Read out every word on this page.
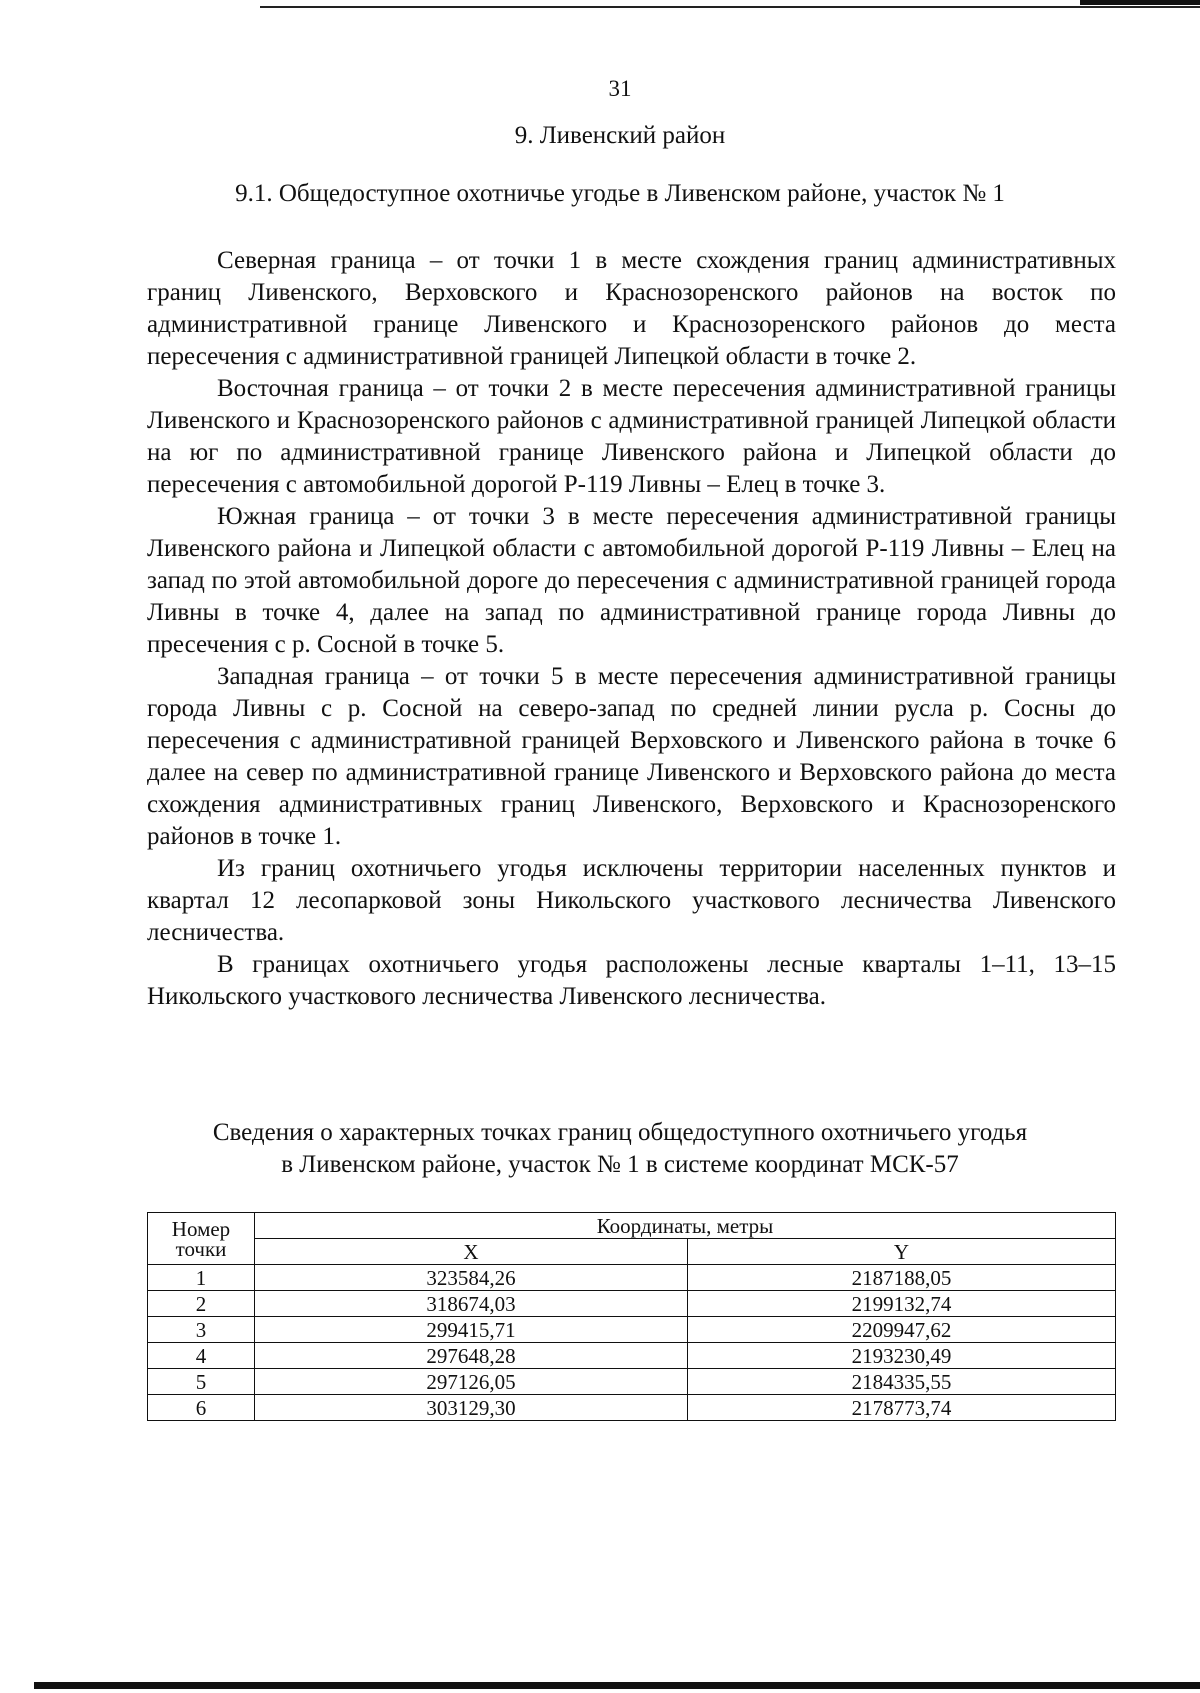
31
9. Ливенский район
9.1. Общедоступное охотничье угодье в Ливенском районе, участок № 1

Северная граница – от точки 1 в месте схождения границ административных границ Ливенского, Верховского и Краснозоренского районов на восток по административной границе Ливенского и Краснозоренского районов до места пересечения с административной границей Липецкой области в точке 2.

Восточная граница – от точки 2 в месте пересечения административной границы Ливенского и Краснозоренского районов с административной границей Липецкой области на юг по административной границе Ливенского района и Липецкой области до пересечения с автомобильной дорогой Р-119 Ливны – Елец в точке 3.

Южная граница – от точки 3 в месте пересечения административной границы Ливенского района и Липецкой области с автомобильной дорогой Р-119 Ливны – Елец на запад по этой автомобильной дороге до пересечения с административной границей города Ливны в точке 4, далее на запад по административной границе города Ливны до пресечения с р. Сосной в точке 5.

Западная граница – от точки 5 в месте пересечения административной границы города Ливны с р. Сосной на северо-запад по средней линии русла р. Сосны до пересечения с административной границей Верховского и Ливенского района в точке 6 далее на север по административной границе Ливенского и Верховского района до места схождения административных границ Ливенского, Верховского и Краснозоренского районов в точке 1.

Из границ охотничьего угодья исключены территории населенных пунктов и квартал 12 лесопарковой зоны Никольского участкового лесничества Ливенского лесничества.

В границах охотничьего угодья расположены лесные кварталы 1–11, 13–15 Никольского участкового лесничества Ливенского лесничества.

Сведения о характерных точках границ общедоступного охотничьего угодья
в Ливенском районе, участок № 1 в системе координат МСК-57
Номер
точки	Координаты, метры	
	X	Y
1	323584,26	2187188,05
2	318674,03	2199132,74
3	299415,71	2209947,62
4	297648,28	2193230,49
5	297126,05	2184335,55
6	303129,30	2178773,74
